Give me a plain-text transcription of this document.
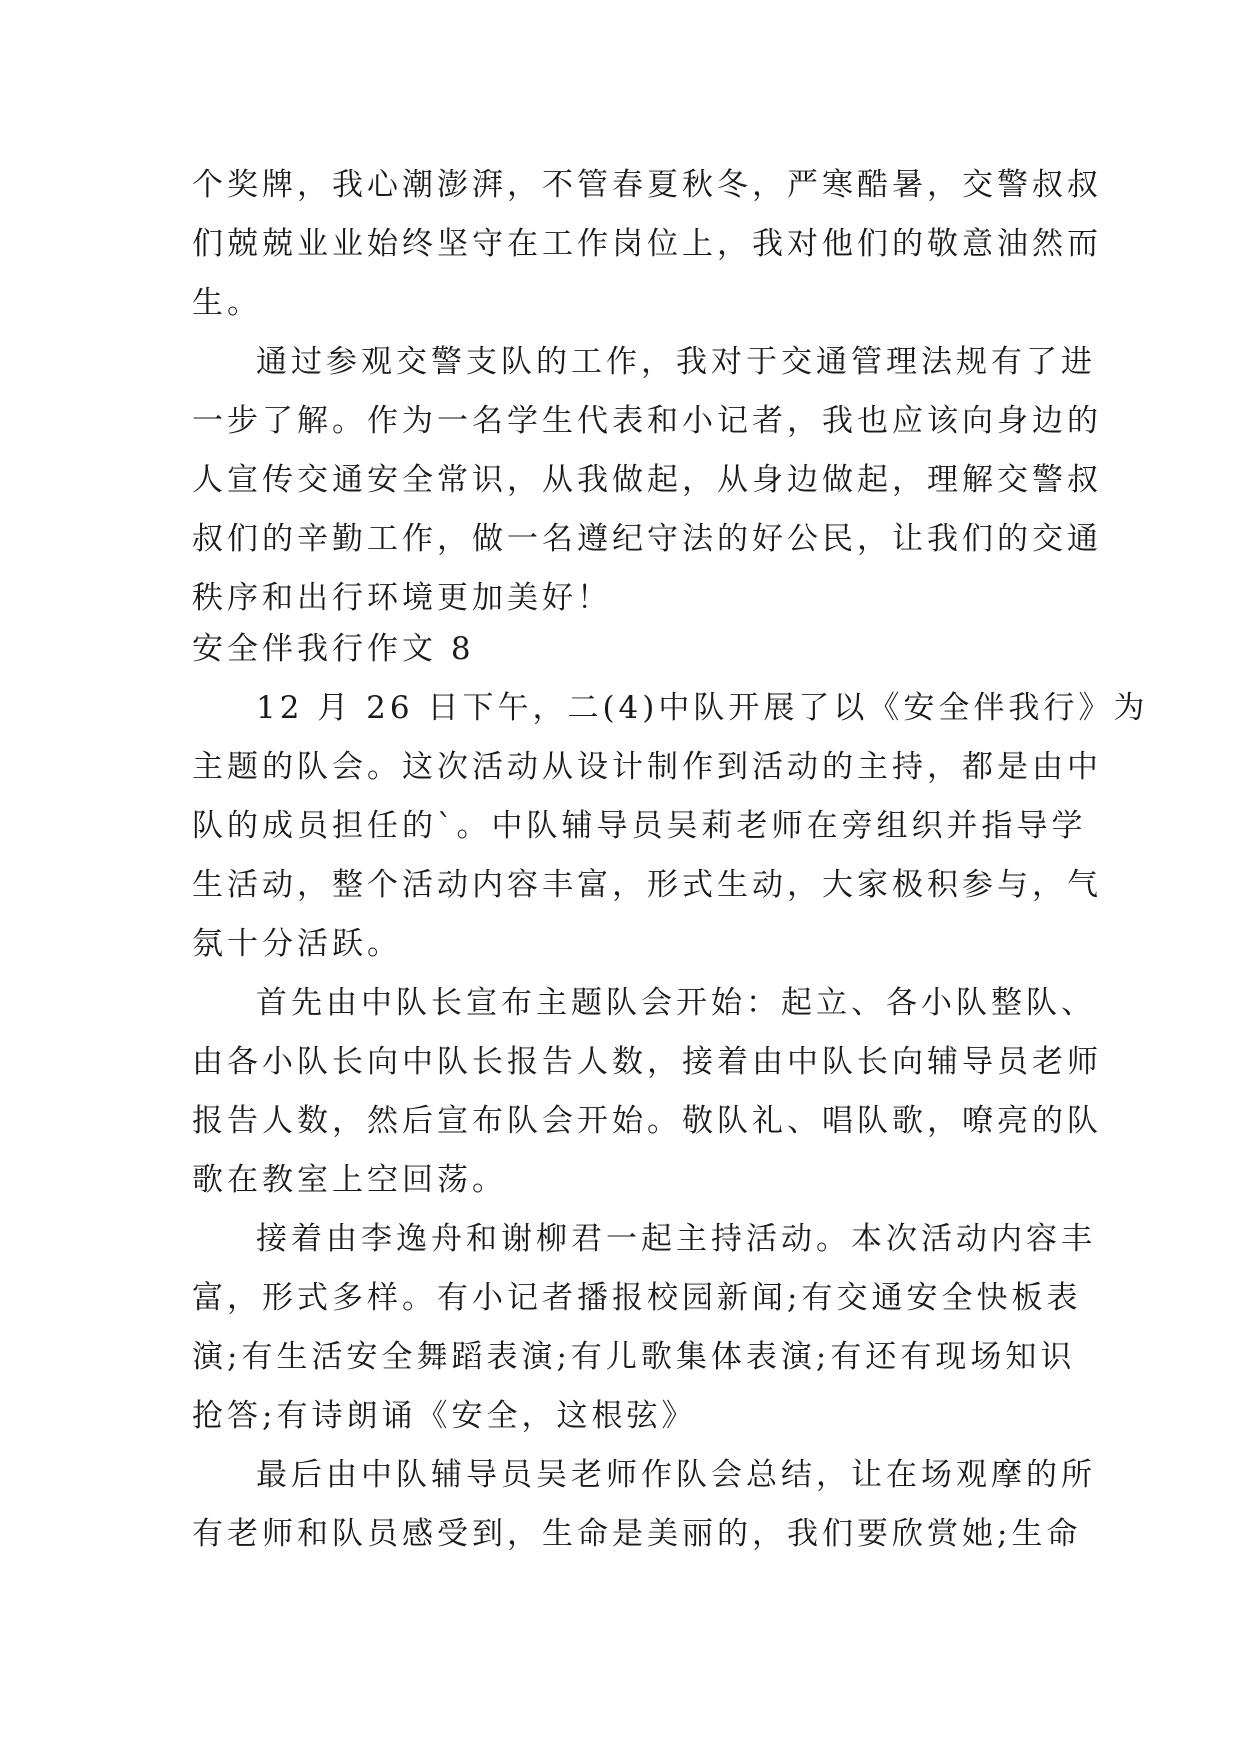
个奖牌，我心潮澎湃，不管春夏秋冬，严寒酷暑，交警叔叔
们兢兢业业始终坚守在工作岗位上，我对他们的敬意油然而
生。
通过参观交警支队的工作，我对于交通管理法规有了进
一步了解。作为一名学生代表和小记者，我也应该向身边的
人宣传交通安全常识，从我做起，从身边做起，理解交警叔
叔们的辛勤工作，做一名遵纪守法的好公民，让我们的交通
秩序和出行环境更加美好！
安全伴我行作文 8
12 月 26 日下午，二(4)中队开展了以《安全伴我行》为
主题的队会。这次活动从设计制作到活动的主持，都是由中
队的成员担任的`。中队辅导员吴莉老师在旁组织并指导学
生活动，整个活动内容丰富，形式生动，大家极积参与，气
氛十分活跃。
首先由中队长宣布主题队会开始：起立、各小队整队、
由各小队长向中队长报告人数，接着由中队长向辅导员老师
报告人数，然后宣布队会开始。敬队礼、唱队歌，嘹亮的队
歌在教室上空回荡。
接着由李逸舟和谢柳君一起主持活动。本次活动内容丰
富，形式多样。有小记者播报校园新闻;有交通安全快板表
演;有生活安全舞蹈表演;有儿歌集体表演;有还有现场知识
抢答;有诗朗诵《安全，这根弦》
最后由中队辅导员吴老师作队会总结，让在场观摩的所
有老师和队员感受到，生命是美丽的，我们要欣赏她;生命
